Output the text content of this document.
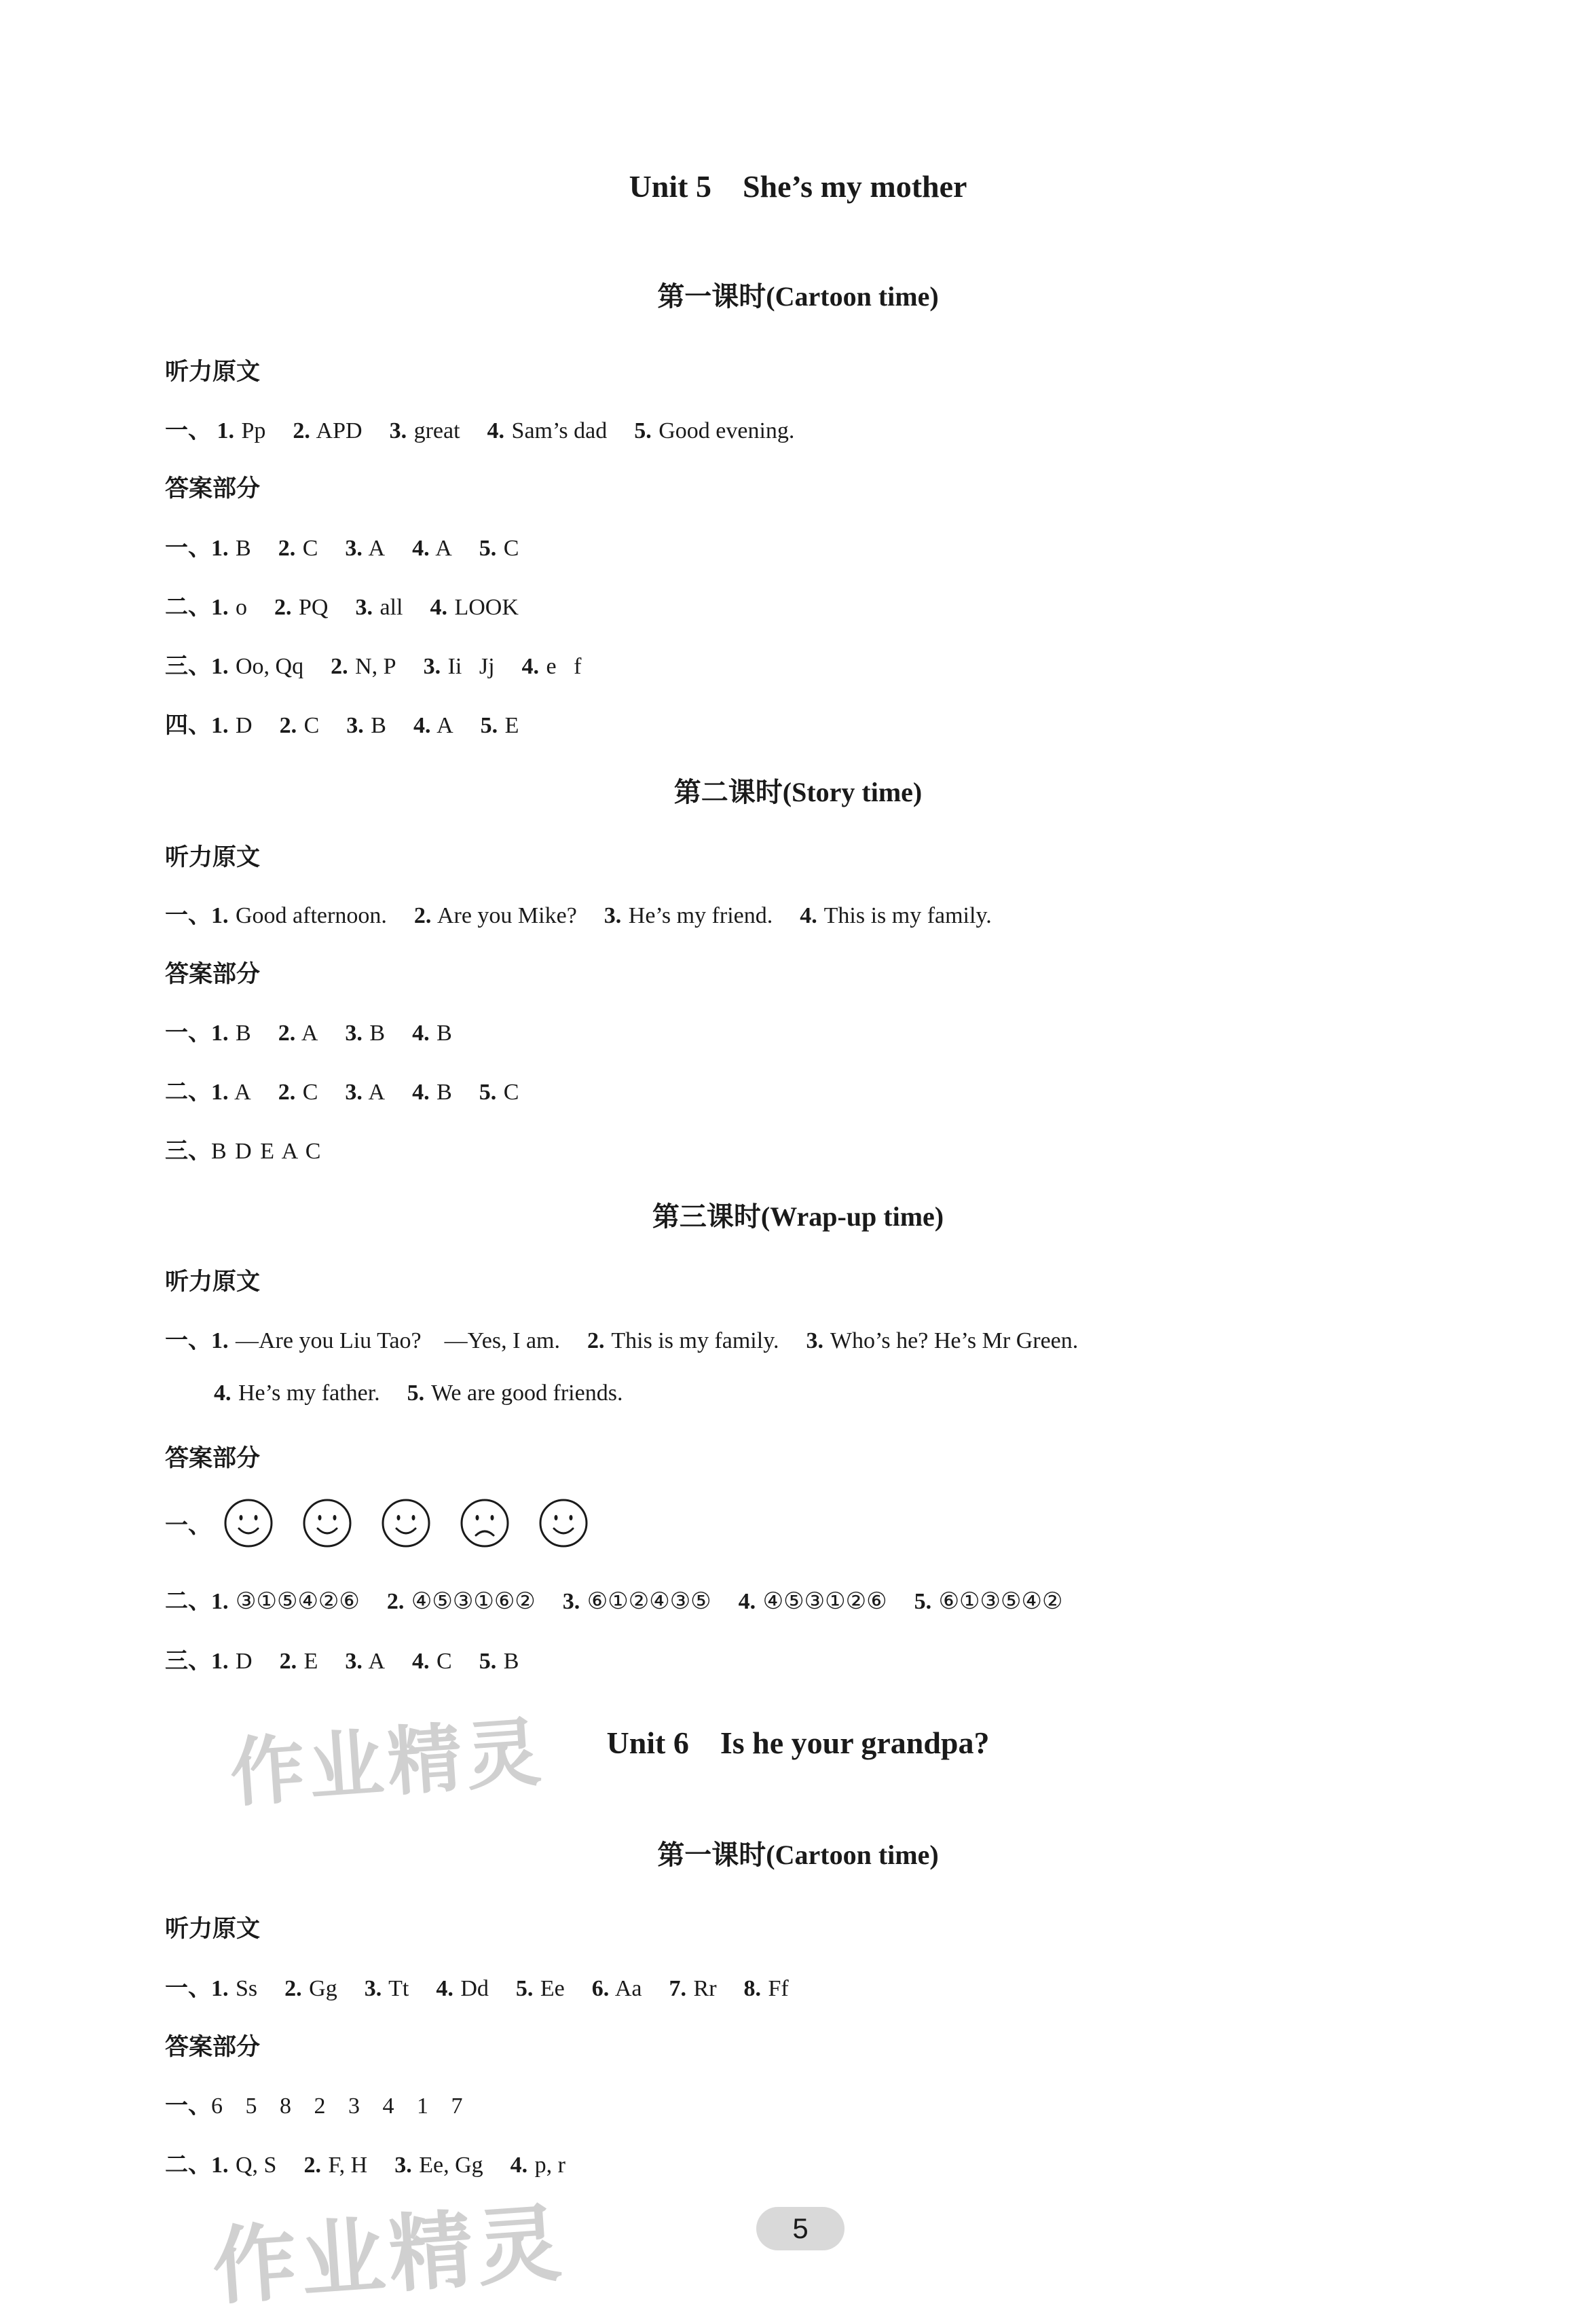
Unit 5 She’s my mother
第一课时(Cartoon time)
听力原文
一、 1. Pp 2. APD 3. great 4. Sam’s dad 5. Good evening.
答案部分
一、1. B 2. C 3. A 4. A 5. C
二、1. o 2. PQ 3. all 4. LOOK
三、1. Oo, Qq 2. N, P 3. Ii   Jj 4. e   f
四、1. D 2. C 3. B 4. A 5. E
第二课时(Story time)
听力原文
一、1. Good afternoon. 2. Are you Mike? 3. He’s my friend. 4. This is my family.
答案部分
一、1. B 2. A 3. B 4. B
二、1. A 2. C 3. A 4. B 5. C
三、B D E A C
第三课时(Wrap-up time)
听力原文
一、1. —Are you Liu Tao?    —Yes, I am. 2. This is my family. 3. Who’s he? He’s Mr Green.
4. He’s my father. 5. We are good friends.
答案部分
一、
二、1. ③①⑤④②⑥ 2. ④⑤③①⑥② 3. ⑥①②④③⑤ 4. ④⑤③①②⑥ 5. ⑥①③⑤④②
三、1. D 2. E 3. A 4. C 5. B
作业精灵	Unit 6 Is he your grandpa?
第一课时(Cartoon time)
听力原文
一、1. Ss 2. Gg 3. Tt 4. Dd 5. Ee 6. Aa 7. Rr 8. Ff
答案部分
一、6   5   8   2   3   4   1   7
二、1. Q, S 2. F, H 3. Ee, Gg 4. p, r
作业精灵	5
